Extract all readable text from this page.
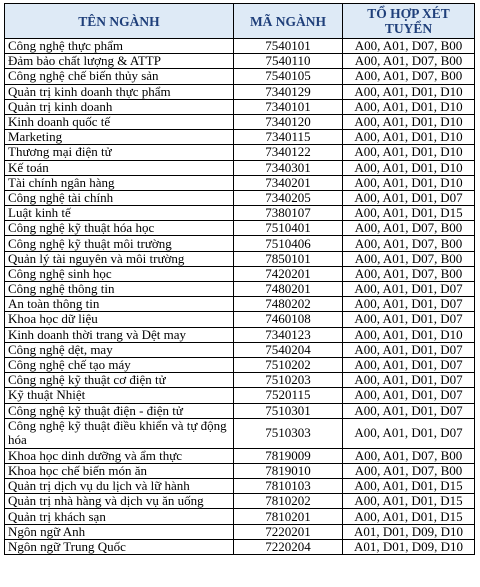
TÊN NGÀNH	MÃ NGÀNH	TỔ HỢP XÉT
TUYỂN
Công nghệ thực phẩm	7540101	A00, A01, D07, B00
Đảm bảo chất lượng & ATTP	7540110	A00, A01, D07, B00
Công nghệ chế biến thủy sản	7540105	A00, A01, D07, B00
Quản trị kinh doanh thực phẩm	7340129	A00, A01, D01, D10
Quản trị kinh doanh	7340101	A00, A01, D01, D10
Kinh doanh quốc tế	7340120	A00, A01, D01, D10
Marketing	7340115	A00, A01, D01, D10
Thương mại điện tử	7340122	A00, A01, D01, D10
Kế toán	7340301	A00, A01, D01, D10
Tài chính ngân hàng	7340201	A00, A01, D01, D10
Công nghệ tài chính	7340205	A00, A01, D01, D07
Luật kinh tế	7380107	A00, A01, D01, D15
Công nghệ kỹ thuật hóa học	7510401	A00, A01, D07, B00
Công nghệ kỹ thuật môi trường	7510406	A00, A01, D07, B00
Quản lý tài nguyên và môi trường	7850101	A00, A01, D07, B00
Công nghệ sinh học	7420201	A00, A01, D07, B00
Công nghệ thông tin	7480201	A00, A01, D01, D07
An toàn thông tin	7480202	A00, A01, D01, D07
Khoa học dữ liệu	7460108	A00, A01, D01, D07
Kinh doanh thời trang và Dệt may	7340123	A00, A01, D01, D10
Công nghệ dệt, may	7540204	A00, A01, D01, D07
Công nghệ chế tạo máy	7510202	A00, A01, D01, D07
Công nghệ kỹ thuật cơ điện tử	7510203	A00, A01, D01, D07
Kỹ thuật Nhiệt	7520115	A00, A01, D01, D07
Công nghệ kỹ thuật điện - điện tử	7510301	A00, A01, D01, D07
Công nghệ kỹ thuật điều khiển và tự động hóa	7510303	A00, A01, D01, D07
Khoa học dinh dưỡng và ẩm thực	7819009	A00, A01, D07, B00
Khoa học chế biến món ăn	7819010	A00, A01, D07, B00
Quản trị dịch vụ du lịch và lữ hành	7810103	A00, A01, D01, D15
Quản trị nhà hàng và dịch vụ ăn uống	7810202	A00, A01, D01, D15
Quản trị khách sạn	7810201	A00, A01, D01, D15
Ngôn ngữ Anh	7220201	A01, D01, D09, D10
Ngôn ngữ Trung Quốc	7220204	A01, D01, D09, D10
